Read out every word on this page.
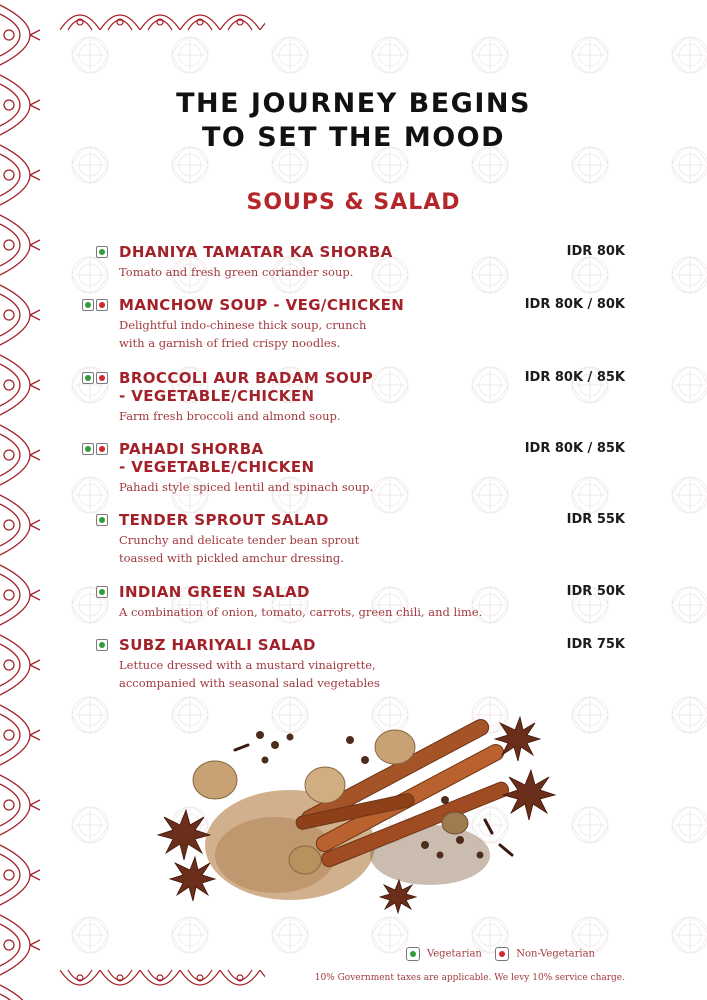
THE JOURNEY BEGINS
TO SET THE MOOD
SOUPS & SALAD
DHANIYA TAMATAR KA SHORBA	IDR 80K
Tomato and fresh green coriander soup.
MANCHOW SOUP - VEG/CHICKEN	IDR 80K / 80K
Delightful indo-chinese thick soup, crunch
with a garnish of fried crispy noodles.
BROCCOLI AUR BADAM SOUP
- VEGETABLE/CHICKEN
IDR 80K / 85K
Farm fresh broccoli and almond soup.
PAHADI SHORBA
- VEGETABLE/CHICKEN
IDR 80K / 85K
Pahadi style spiced lentil and spinach soup.
TENDER SPROUT SALAD	IDR 55K
Crunchy and delicate tender bean sprout
toassed with pickled amchur dressing.
INDIAN GREEN SALAD	IDR 50K
A combination of onion, tomato, carrots, green chili, and lime.
SUBZ HARIYALI SALAD	IDR 75K
Lettuce dressed with a mustard vinaigrette,
accompanied with seasonal salad vegetables
Vegetarian	Non-Vegetarian
10% Government taxes are applicable. We levy 10% service charge.
